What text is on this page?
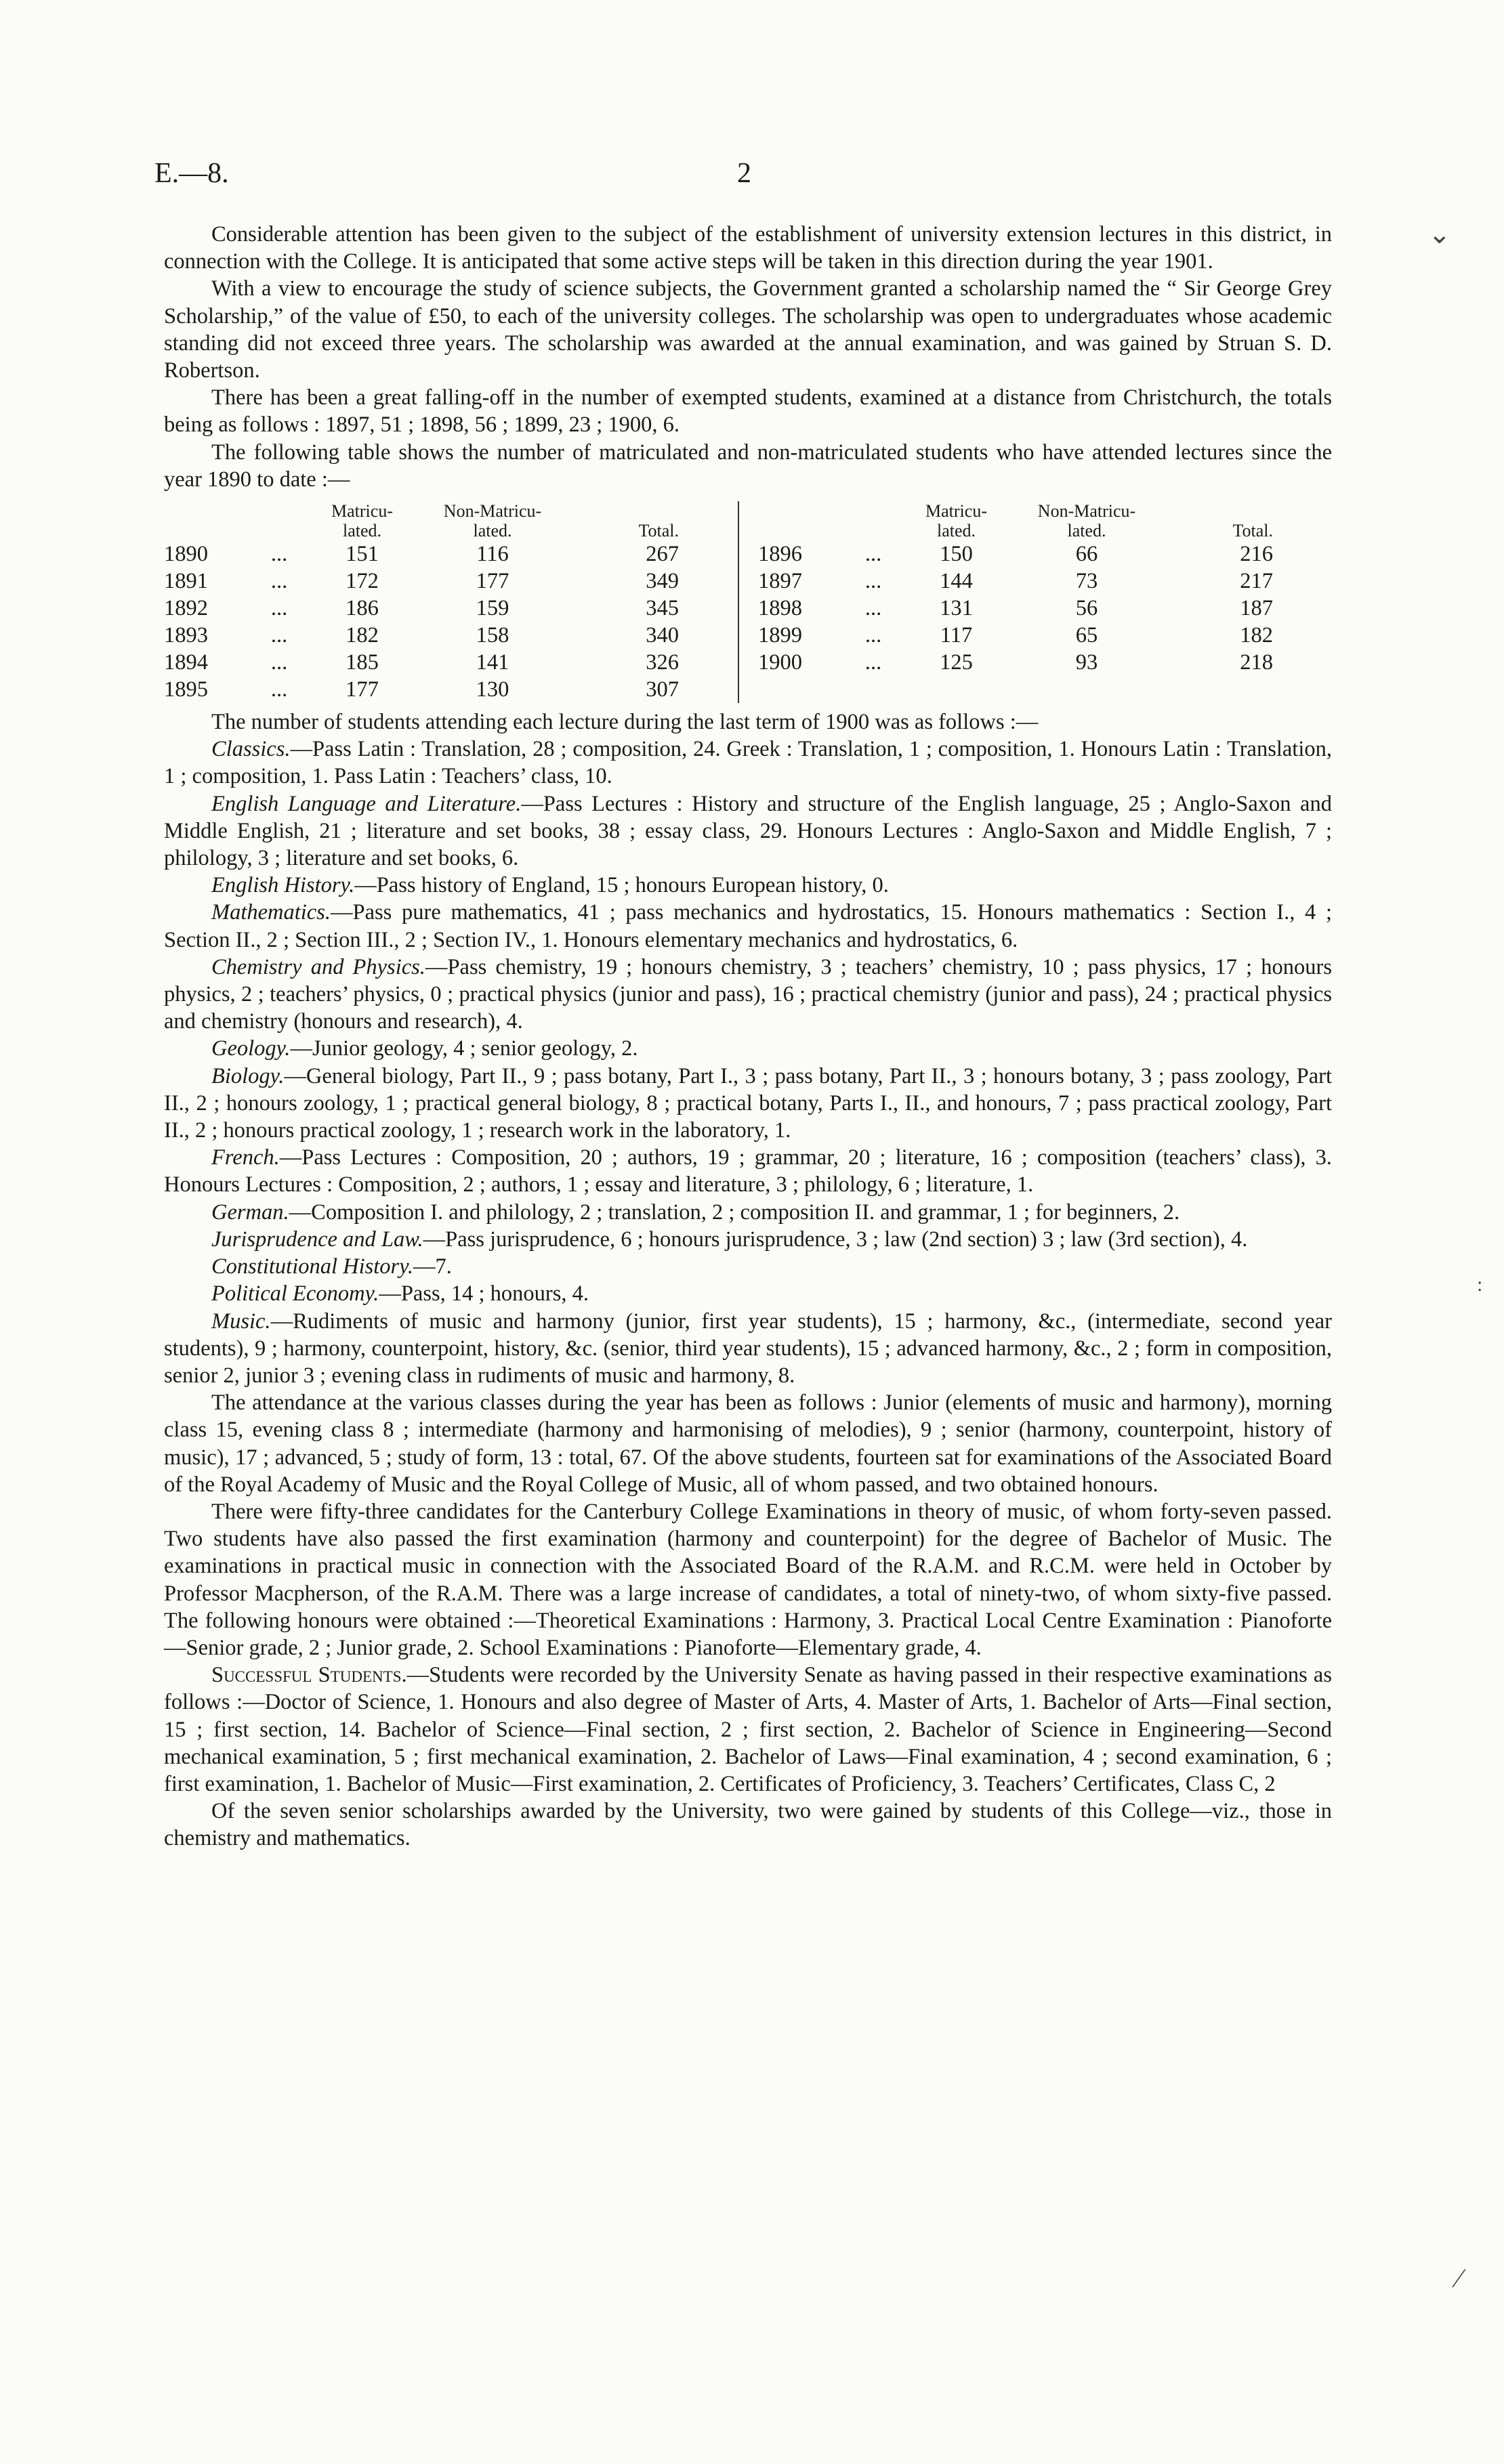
E.—8.	2
⌄
:
⁄

Considerable attention has been given to the subject of the establishment of university extension lectures in this district, in connection with the College. It is anticipated that some active steps will be taken in this direction during the year 1901.

With a view to encourage the study of science subjects, the Government granted a scholarship named the “ Sir George Grey Scholarship,” of the value of £50, to each of the university colleges. The scholarship was open to undergraduates whose academic standing did not exceed three years. The scholarship was awarded at the annual examination, and was gained by Struan S. D. Robertson.

There has been a great falling-off in the number of exempted students, examined at a distance from Christchurch, the totals being as follows : 1897, 51 ; 1898, 56 ; 1899, 23 ; 1900, 6.

The following table shows the number of matriculated and non-matriculated students who have attended lectures since the year 1890 to date :—

Matricu-
lated.
Non-Matricu-
lated.	Total.
1890	...	151	116	267
1891	...	172	177	349
1892	...	186	159	345
1893	...	182	158	340
1894	...	185	141	326
1895	...	177	130	307
Matricu-
lated.
Non-Matricu-
lated.	Total.
1896	...	150	66	216
1897	...	144	73	217
1898	...	131	56	187
1899	...	117	65	182
1900	...	125	93	218

The number of students attending each lecture during the last term of 1900 was as follows :—

Classics.—Pass Latin : Translation, 28 ; composition, 24. Greek : Translation, 1 ; composition, 1. Honours Latin : Translation, 1 ; composition, 1. Pass Latin : Teachers’ class, 10.

English Language and Literature.—Pass Lectures : History and structure of the English language, 25 ; Anglo-Saxon and Middle English, 21 ; literature and set books, 38 ; essay class, 29. Honours Lectures : Anglo-Saxon and Middle English, 7 ; philology, 3 ; literature and set books, 6.

English History.—Pass history of England, 15 ; honours European history, 0.

Mathematics.—Pass pure mathematics, 41 ; pass mechanics and hydrostatics, 15. Honours mathematics : Section I., 4 ; Section II., 2 ; Section III., 2 ; Section IV., 1. Honours elementary mechanics and hydrostatics, 6.

Chemistry and Physics.—Pass chemistry, 19 ; honours chemistry, 3 ; teachers’ chemistry, 10 ; pass physics, 17 ; honours physics, 2 ; teachers’ physics, 0 ; practical physics (junior and pass), 16 ; practical chemistry (junior and pass), 24 ; practical physics and chemistry (honours and research), 4.

Geology.—Junior geology, 4 ; senior geology, 2.

Biology.—General biology, Part II., 9 ; pass botany, Part I., 3 ; pass botany, Part II., 3 ; honours botany, 3 ; pass zoology, Part II., 2 ; honours zoology, 1 ; practical general biology, 8 ; practical botany, Parts I., II., and honours, 7 ; pass practical zoology, Part II., 2 ; honours practical zoology, 1 ; research work in the laboratory, 1.

French.—Pass Lectures : Composition, 20 ; authors, 19 ; grammar, 20 ; literature, 16 ; composition (teachers’ class), 3. Honours Lectures : Composition, 2 ; authors, 1 ; essay and literature, 3 ; philology, 6 ; literature, 1.

German.—Composition I. and philology, 2 ; translation, 2 ; composition II. and grammar, 1 ; for beginners, 2.

Jurisprudence and Law.—Pass jurisprudence, 6 ; honours jurisprudence, 3 ; law (2nd section) 3 ; law (3rd section), 4.

Constitutional History.—7.

Political Economy.—Pass, 14 ; honours, 4.

Music.—Rudiments of music and harmony (junior, first year students), 15 ; harmony, &c., (intermediate, second year students), 9 ; harmony, counterpoint, history, &c. (senior, third year students), 15 ; advanced harmony, &c., 2 ; form in composition, senior 2, junior 3 ; evening class in rudiments of music and harmony, 8.

The attendance at the various classes during the year has been as follows : Junior (elements of music and harmony), morning class 15, evening class 8 ; intermediate (harmony and harmonising of melodies), 9 ; senior (harmony, counterpoint, history of music), 17 ; advanced, 5 ; study of form, 13 : total, 67. Of the above students, fourteen sat for examinations of the Associated Board of the Royal Academy of Music and the Royal College of Music, all of whom passed, and two obtained honours.

There were fifty-three candidates for the Canterbury College Examinations in theory of music, of whom forty-seven passed. Two students have also passed the first examination (harmony and counterpoint) for the degree of Bachelor of Music. The examinations in practical music in connection with the Associated Board of the R.A.M. and R.C.M. were held in October by Professor Macpherson, of the R.A.M. There was a large increase of candidates, a total of ninety-two, of whom sixty-five passed. The following honours were obtained :—Theoretical Examinations : Harmony, 3. Practical Local Centre Examination : Pianoforte—Senior grade, 2 ; Junior grade, 2. School Examinations : Pianoforte—Elementary grade, 4.

Successful Students.—Students were recorded by the University Senate as having passed in their respective examinations as follows :—Doctor of Science, 1. Honours and also degree of Master of Arts, 4. Master of Arts, 1. Bachelor of Arts—Final section, 15 ; first section, 14. Bachelor of Science—Final section, 2 ; first section, 2. Bachelor of Science in Engineering—Second mechanical examination, 5 ; first mechanical examination, 2. Bachelor of Laws—Final examination, 4 ; second examination, 6 ; first examination, 1. Bachelor of Music—First examination, 2. Certificates of Proficiency, 3. Teachers’ Certificates, Class C, 2

Of the seven senior scholarships awarded by the University, two were gained by students of this College—viz., those in chemistry and mathematics.
